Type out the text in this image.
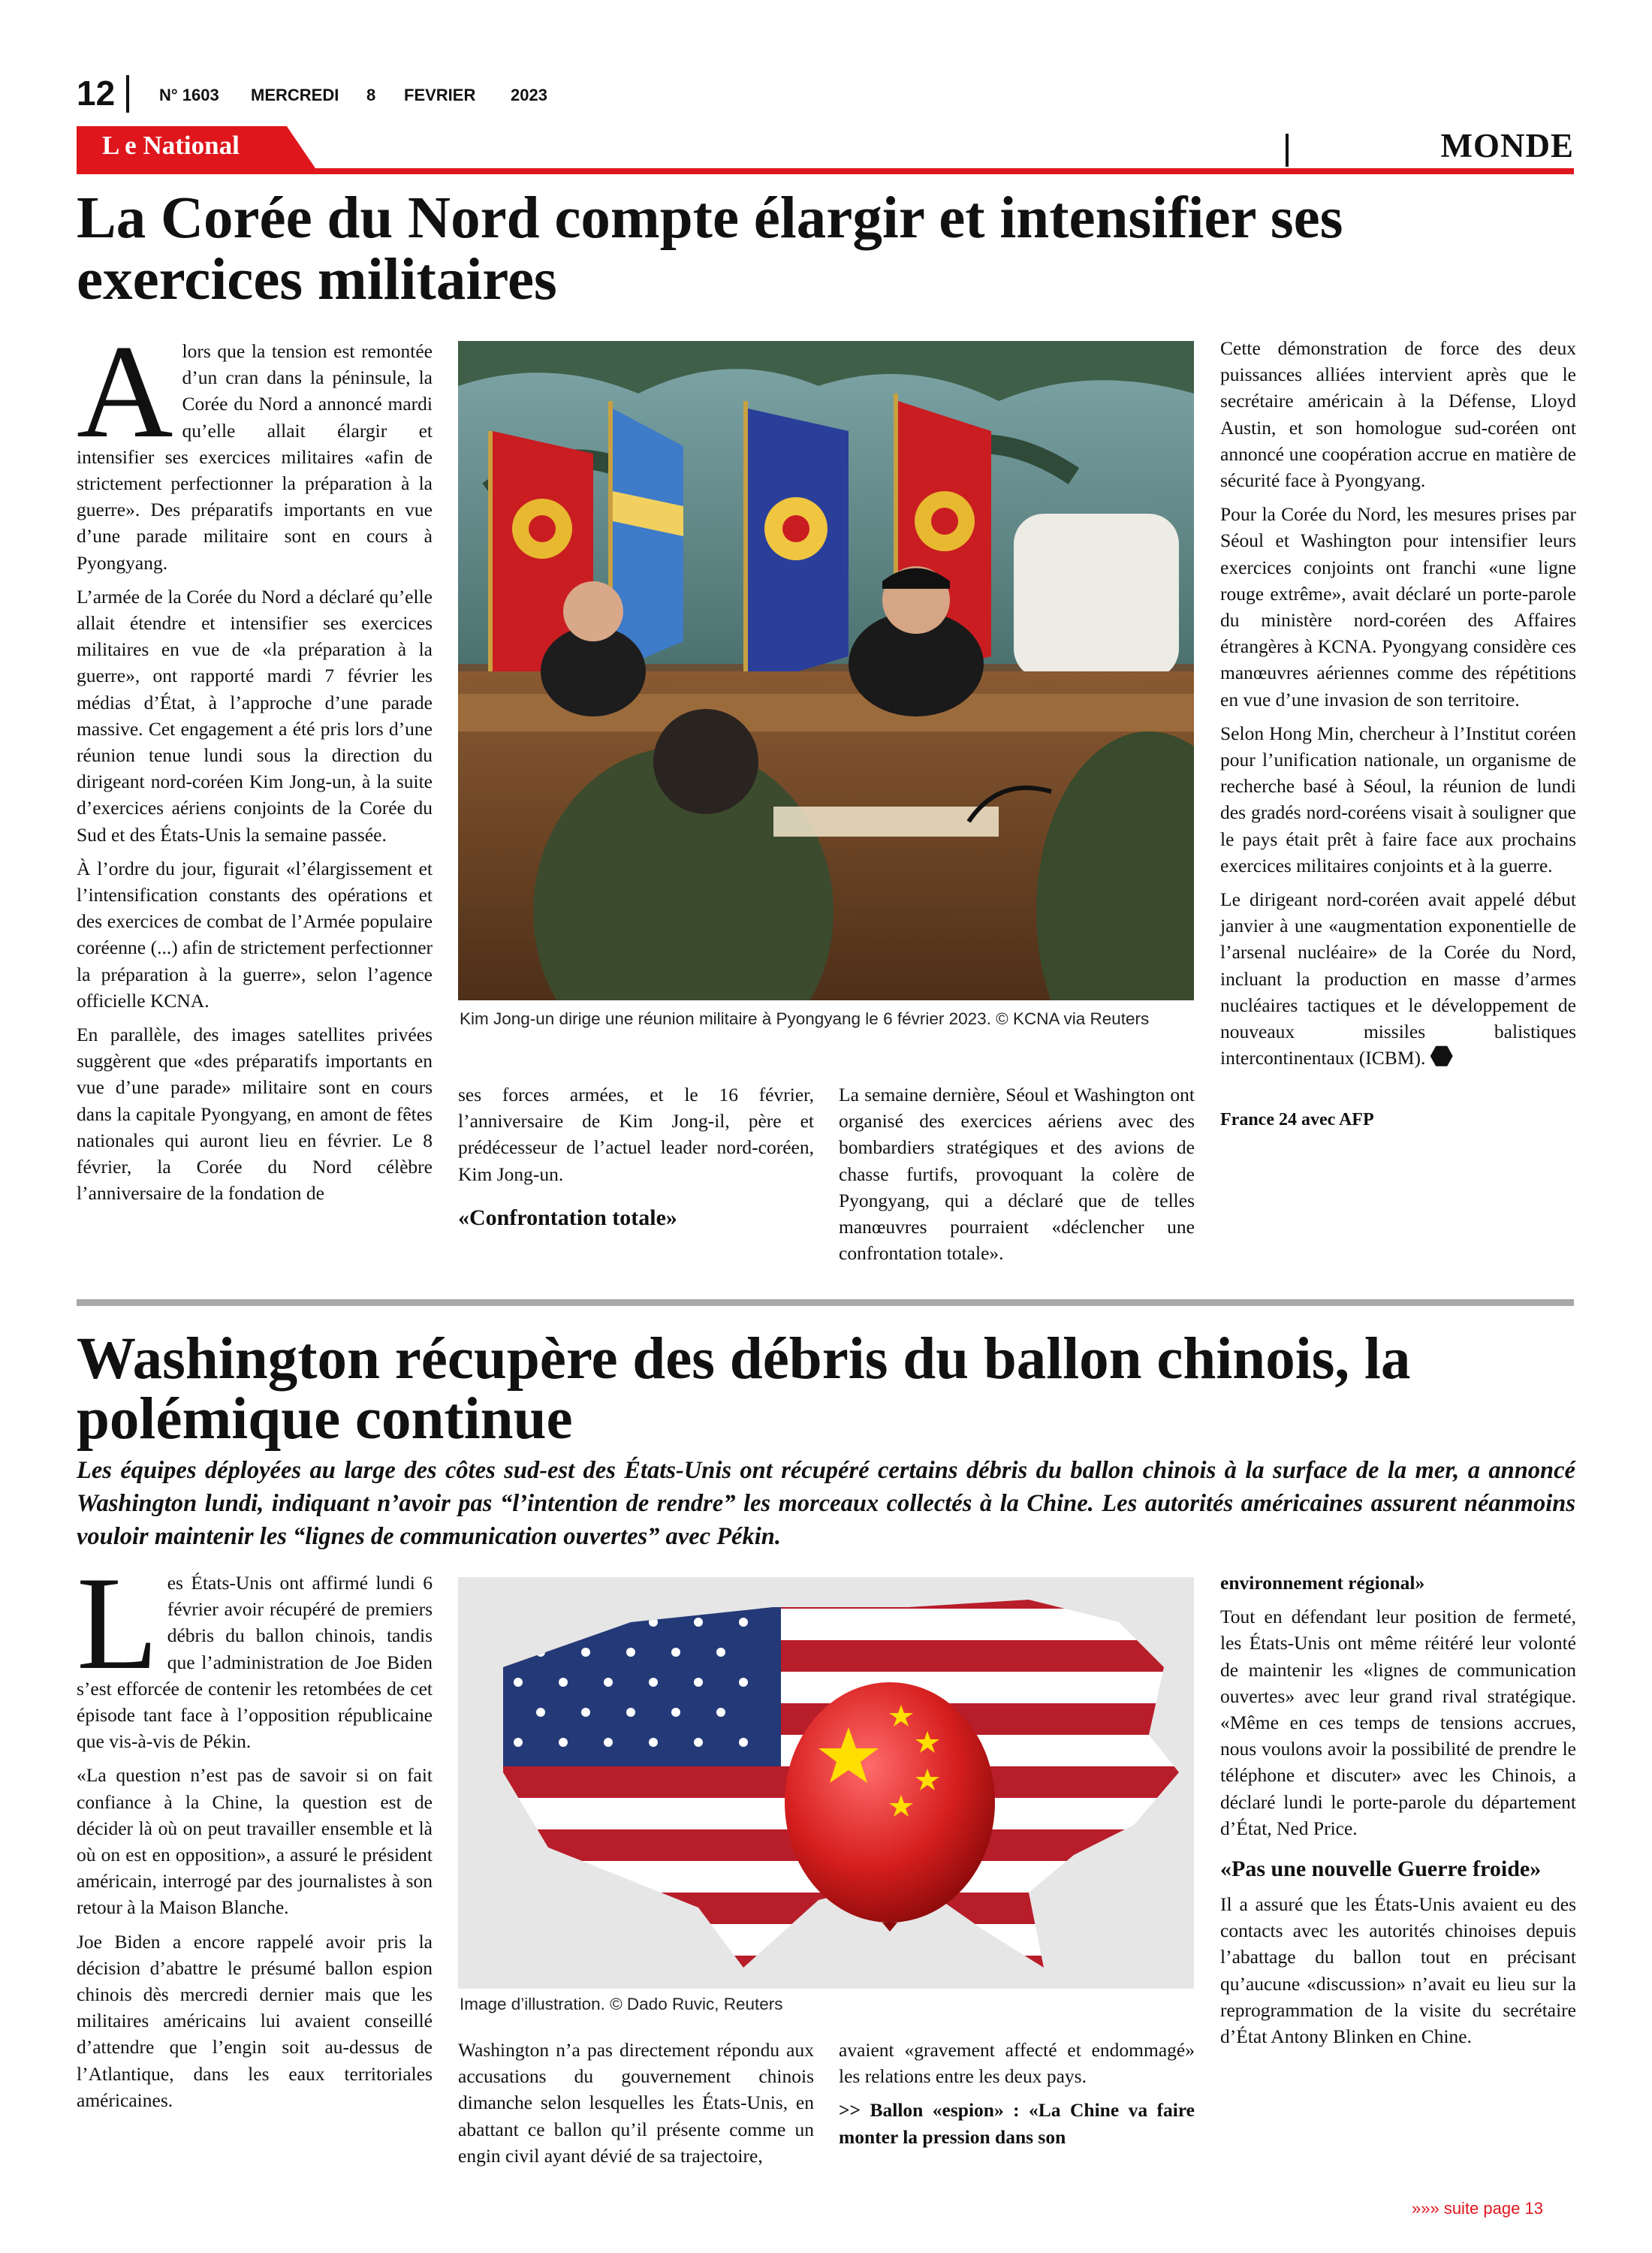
12	N° 1603 MERCREDI 8 FEVRIER 2023
L e National	MONDE
La Corée du Nord compte élargir et intensifier ses exercices militaires

Alors que la tension est remontée d’un cran dans la péninsule, la Corée du Nord a annoncé mardi qu’elle allait élargir et intensifier ses exercices militaires «afin de strictement perfectionner la préparation à la guerre». Des préparatifs importants en vue d’une parade militaire sont en cours à Pyongyang.

L’armée de la Corée du Nord a déclaré qu’elle allait étendre et intensifier ses exercices militaires en vue de «la préparation à la guerre», ont rapporté mardi 7 février les médias d’État, à l’approche d’une parade massive. Cet engagement a été pris lors d’une réunion tenue lundi sous la direction du dirigeant nord-coréen Kim Jong-un, à la suite d’exercices aériens conjoints de la Corée du Sud et des États-Unis la semaine passée.

À l’ordre du jour, figurait «l’élargissement et l’intensification constants des opérations et des exercices de combat de l’Armée populaire coréenne (...) afin de strictement perfectionner la préparation à la guerre», selon l’agence officielle KCNA.

En parallèle, des images satellites privées suggèrent que «des préparatifs importants en vue d’une parade» militaire sont en cours dans la capitale Pyongyang, en amont de fêtes nationales qui auront lieu en février. Le 8 février, la Corée du Nord célèbre l’anniversaire de la fondation de

Kim Jong-un dirige une réunion militaire à Pyongyang le 6 février 2023. © KCNA via Reuters

ses forces armées, et le 16 février, l’anniversaire de Kim Jong-il, père et prédécesseur de l’actuel leader nord-coréen, Kim Jong-un.

«Confrontation totale»

La semaine dernière, Séoul et Washington ont organisé des exercices aériens avec des bombardiers stratégiques et des avions de chasse furtifs, provoquant la colère de Pyongyang, qui a déclaré que de telles manœuvres pourraient «déclencher une confrontation totale».

Cette démonstration de force des deux puissances alliées intervient après que le secrétaire américain à la Défense, Lloyd Austin, et son homologue sud-coréen ont annoncé une coopération accrue en matière de sécurité face à Pyongyang.

Pour la Corée du Nord, les mesures prises par Séoul et Washington pour intensifier leurs exercices conjoints ont franchi «une ligne rouge extrême», avait déclaré un porte-parole du ministère nord-coréen des Affaires étrangères à KCNA. Pyongyang considère ces manœuvres aériennes comme des répétitions en vue d’une invasion de son territoire.

Selon Hong Min, chercheur à l’Institut coréen pour l’unification nationale, un organisme de recherche basé à Séoul, la réunion de lundi des gradés nord-coréens visait à souligner que le pays était prêt à faire face aux prochains exercices militaires conjoints et à la guerre.

Le dirigeant nord-coréen avait appelé début janvier à une «augmentation exponentielle de l’arsenal nucléaire» de la Corée du Nord, incluant la production en masse d’armes nucléaires tactiques et le développement de nouveaux missiles balistiques intercontinentaux (ICBM).

France 24 avec AFP

Washington récupère des débris du ballon chinois, la polémique continue

Les équipes déployées au large des côtes sud-est des États-Unis ont récupéré certains débris du ballon chinois à la surface de la mer, a annoncé Washington lundi, indiquant n’avoir pas “l’intention de rendre” les morceaux collectés à la Chine. Les autorités américaines assurent néanmoins vouloir maintenir les “lignes de communication ouvertes” avec Pékin.

Les États-Unis ont affirmé lundi 6 février avoir récupéré de premiers débris du ballon chinois, tandis que l’administration de Joe Biden s’est efforcée de contenir les retombées de cet épisode tant face à l’opposition républicaine que vis-à-vis de Pékin.

«La question n’est pas de savoir si on fait confiance à la Chine, la question est de décider là où on peut travailler ensemble et là où on est en opposition», a assuré le président américain, interrogé par des journalistes à son retour à la Maison Blanche.

Joe Biden a encore rappelé avoir pris la décision d’abattre le présumé ballon espion chinois dès mercredi dernier mais que les militaires américains lui avaient conseillé d’attendre que l’engin soit au-dessus de l’Atlantique, dans les eaux territoriales américaines.

Image d’illustration. © Dado Ruvic, Reuters

Washington n’a pas directement répondu aux accusations du gouvernement chinois dimanche selon lesquelles les États-Unis, en abattant ce ballon qu’il présente comme un engin civil ayant dévié de sa trajectoire,

avaient «gravement affecté et endommagé» les relations entre les deux pays.

>> Ballon «espion» : «La Chine va faire monter la pression dans son

environnement régional»

Tout en défendant leur position de fermeté, les États-Unis ont même réitéré leur volonté de maintenir les «lignes de communication ouvertes» avec leur grand rival stratégique. «Même en ces temps de tensions accrues, nous voulons avoir la possibilité de prendre le téléphone et discuter» avec les Chinois, a déclaré lundi le porte-parole du département d’État, Ned Price.

«Pas une nouvelle Guerre froide»

Il a assuré que les États-Unis avaient eu des contacts avec les autorités chinoises depuis l’abattage du ballon tout en précisant qu’aucune «discussion» n’avait eu lieu sur la reprogrammation de la visite du secrétaire d’État Antony Blinken en Chine.

»»» suite page 13
